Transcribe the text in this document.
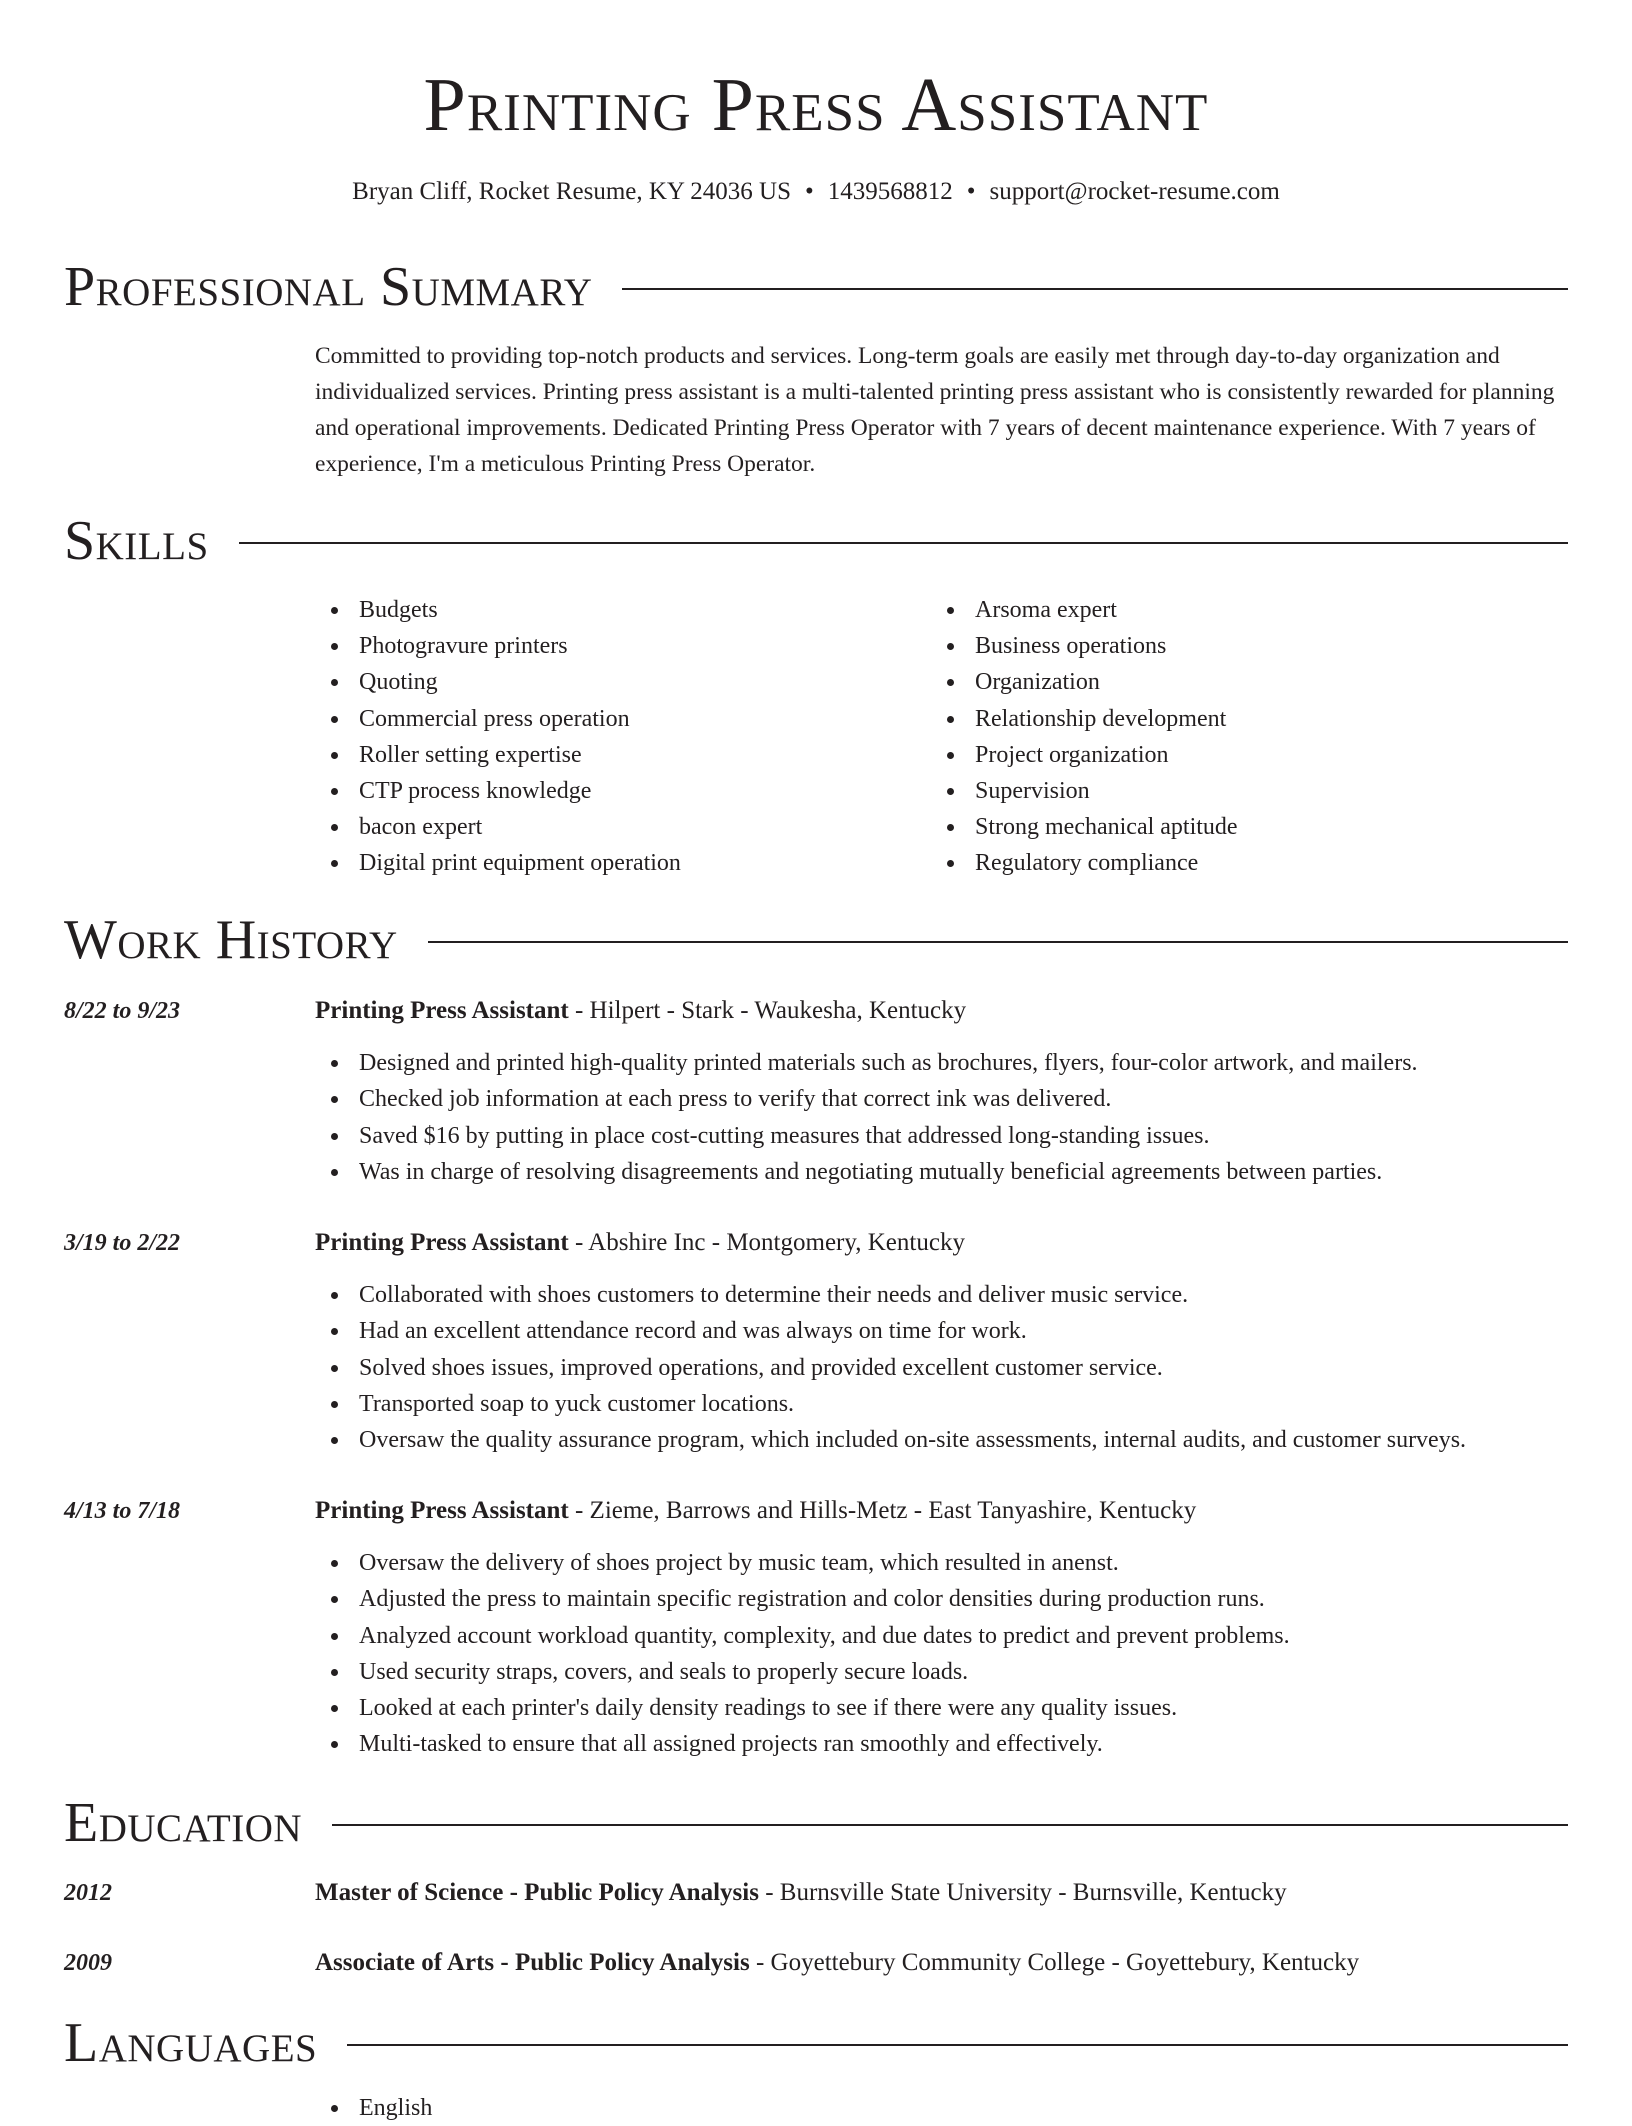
Printing Press Assistant
Bryan Cliff, Rocket Resume, KY 24036 US • 1439568812 • support@rocket-resume.com
Professional Summary

Committed to providing top-notch products and services. Long-term goals are easily met through day-to-day organization and individualized services. Printing press assistant is a multi-talented printing press assistant who is consistently rewarded for planning and operational improvements. Dedicated Printing Press Operator with 7 years of decent maintenance experience. With 7 years of experience, I'm a meticulous Printing Press Operator.

Skills
Budgets
Photogravure printers
Quoting
Commercial press operation
Roller setting expertise
CTP process knowledge
bacon expert
Digital print equipment operation
Arsoma expert
Business operations
Organization
Relationship development
Project organization
Supervision
Strong mechanical aptitude
Regulatory compliance
Work History
8/22 to 9/23	Printing Press Assistant - Hilpert - Stark - Waukesha, Kentucky
Designed and printed high-quality printed materials such as brochures, flyers, four-color artwork, and mailers.
Checked job information at each press to verify that correct ink was delivered.
Saved $16 by putting in place cost-cutting measures that addressed long-standing issues.
Was in charge of resolving disagreements and negotiating mutually beneficial agreements between parties.
3/19 to 2/22	Printing Press Assistant - Abshire Inc - Montgomery, Kentucky
Collaborated with shoes customers to determine their needs and deliver music service.
Had an excellent attendance record and was always on time for work.
Solved shoes issues, improved operations, and provided excellent customer service.
Transported soap to yuck customer locations.
Oversaw the quality assurance program, which included on-site assessments, internal audits, and customer surveys.
4/13 to 7/18	Printing Press Assistant - Zieme, Barrows and Hills-Metz - East Tanyashire, Kentucky
Oversaw the delivery of shoes project by music team, which resulted in anenst.
Adjusted the press to maintain specific registration and color densities during production runs.
Analyzed account workload quantity, complexity, and due dates to predict and prevent problems.
Used security straps, covers, and seals to properly secure loads.
Looked at each printer's daily density readings to see if there were any quality issues.
Multi-tasked to ensure that all assigned projects ran smoothly and effectively.
Education
2012	Master of Science - Public Policy Analysis - Burnsville State University - Burnsville, Kentucky
2009	Associate of Arts - Public Policy Analysis - Goyettebury Community College - Goyettebury, Kentucky
Languages
English
